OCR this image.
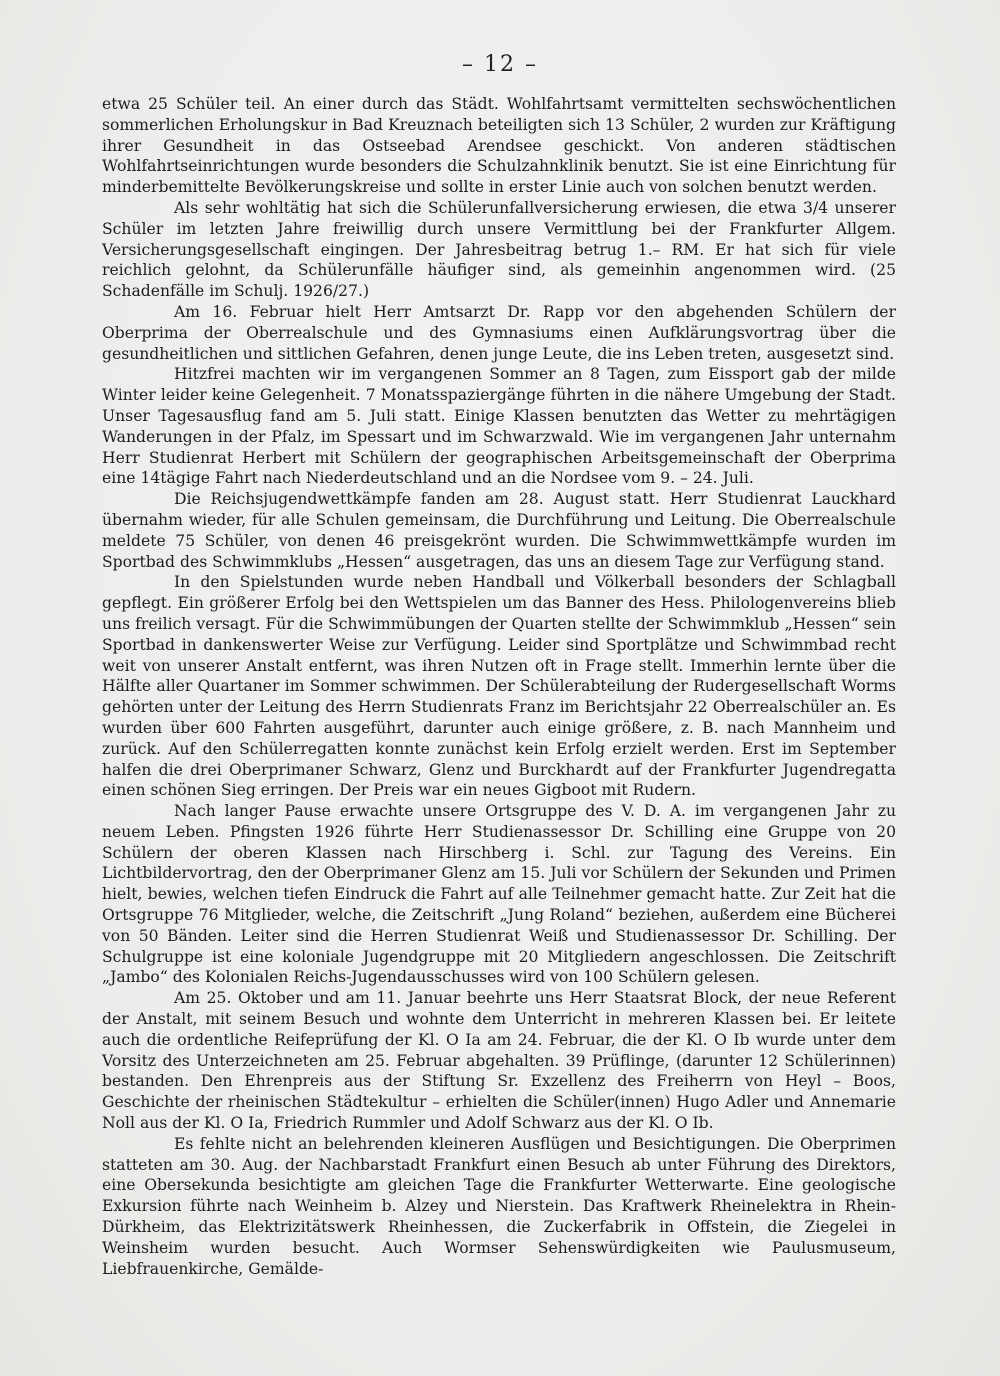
– 12 –

etwa 25 Schüler teil. An einer durch das Städt. Wohlfahrtsamt vermittelten sechswöchentlichen sommerlichen Erholungskur in Bad Kreuznach beteiligten sich 13 Schüler, 2 wurden zur Kräftigung ihrer Gesundheit in das Ostseebad Arendsee geschickt. Von anderen städtischen Wohlfahrtseinrichtungen wurde besonders die Schulzahnklinik benutzt. Sie ist eine Einrichtung für minderbemittelte Bevölkerungskreise und sollte in erster Linie auch von solchen benutzt werden.

Als sehr wohltätig hat sich die Schülerunfallversicherung erwiesen, die etwa 3/4 unserer Schüler im letzten Jahre freiwillig durch unsere Vermittlung bei der Frankfurter Allgem. Versicherungsgesellschaft eingingen. Der Jahresbeitrag betrug 1.– RM. Er hat sich für viele reichlich gelohnt, da Schülerunfälle häufiger sind, als gemeinhin angenommen wird. (25 Schadenfälle im Schulj. 1926/27.)

Am 16. Februar hielt Herr Amtsarzt Dr. Rapp vor den abgehenden Schülern der Oberprima der Oberrealschule und des Gymnasiums einen Aufklärungsvortrag über die gesundheitlichen und sittlichen Gefahren, denen junge Leute, die ins Leben treten, ausgesetzt sind.

Hitzfrei machten wir im vergangenen Sommer an 8 Tagen, zum Eissport gab der milde Winter leider keine Gelegenheit. 7 Monatsspaziergänge führten in die nähere Umgebung der Stadt. Unser Tagesausflug fand am 5. Juli statt. Einige Klassen benutzten das Wetter zu mehrtägigen Wanderungen in der Pfalz, im Spessart und im Schwarzwald. Wie im vergangenen Jahr unternahm Herr Studienrat Herbert mit Schülern der geographischen Arbeitsgemeinschaft der Oberprima eine 14tägige Fahrt nach Niederdeutschland und an die Nordsee vom 9. – 24. Juli.

Die Reichsjugendwettkämpfe fanden am 28. August statt. Herr Studienrat Lauckhard übernahm wieder, für alle Schulen gemeinsam, die Durchführung und Leitung. Die Oberrealschule meldete 75 Schüler, von denen 46 preisgekrönt wurden. Die Schwimmwettkämpfe wurden im Sportbad des Schwimmklubs „Hessen“ ausgetragen, das uns an diesem Tage zur Verfügung stand.

In den Spielstunden wurde neben Handball und Völkerball besonders der Schlagball gepflegt. Ein größerer Erfolg bei den Wettspielen um das Banner des Hess. Philologenvereins blieb uns freilich versagt. Für die Schwimmübungen der Quarten stellte der Schwimmklub „Hessen“ sein Sportbad in dankenswerter Weise zur Verfügung. Leider sind Sportplätze und Schwimmbad recht weit von unserer Anstalt entfernt, was ihren Nutzen oft in Frage stellt. Immerhin lernte über die Hälfte aller Quartaner im Sommer schwimmen. Der Schülerabteilung der Rudergesellschaft Worms gehörten unter der Leitung des Herrn Studienrats Franz im Berichtsjahr 22 Oberrealschüler an. Es wurden über 600 Fahrten ausgeführt, darunter auch einige größere, z. B. nach Mannheim und zurück. Auf den Schülerregatten konnte zunächst kein Erfolg erzielt werden. Erst im September halfen die drei Oberprimaner Schwarz, Glenz und Burckhardt auf der Frankfurter Jugendregatta einen schönen Sieg erringen. Der Preis war ein neues Gigboot mit Rudern.

Nach langer Pause erwachte unsere Ortsgruppe des V. D. A. im vergangenen Jahr zu neuem Leben. Pfingsten 1926 führte Herr Studienassessor Dr. Schilling eine Gruppe von 20 Schülern der oberen Klassen nach Hirschberg i. Schl. zur Tagung des Vereins. Ein Lichtbildervortrag, den der Oberprimaner Glenz am 15. Juli vor Schülern der Sekunden und Primen hielt, bewies, welchen tiefen Eindruck die Fahrt auf alle Teilnehmer gemacht hatte. Zur Zeit hat die Ortsgruppe 76 Mitglieder, welche, die Zeitschrift „Jung Roland“ beziehen, außerdem eine Bücherei von 50 Bänden. Leiter sind die Herren Studienrat Weiß und Studienassessor Dr. Schilling. Der Schulgruppe ist eine koloniale Jugendgruppe mit 20 Mitgliedern angeschlossen. Die Zeitschrift „Jambo“ des Kolonialen Reichs-Jugendausschusses wird von 100 Schülern gelesen.

Am 25. Oktober und am 11. Januar beehrte uns Herr Staatsrat Block, der neue Referent der Anstalt, mit seinem Besuch und wohnte dem Unterricht in mehreren Klassen bei. Er leitete auch die ordentliche Reifeprüfung der Kl. O Ia am 24. Februar, die der Kl. O Ib wurde unter dem Vorsitz des Unterzeichneten am 25. Februar abgehalten. 39 Prüflinge, (darunter 12 Schülerinnen) bestanden. Den Ehrenpreis aus der Stiftung Sr. Exzellenz des Freiherrn von Heyl – Boos, Geschichte der rheinischen Städtekultur – erhielten die Schüler(innen) Hugo Adler und Annemarie Noll aus der Kl. O Ia, Friedrich Rummler und Adolf Schwarz aus der Kl. O Ib.

Es fehlte nicht an belehrenden kleineren Ausflügen und Besichtigungen. Die Oberprimen statteten am 30. Aug. der Nachbarstadt Frankfurt einen Besuch ab unter Führung des Direktors, eine Obersekunda besichtigte am gleichen Tage die Frankfurter Wetterwarte. Eine geologische Exkursion führte nach Weinheim b. Alzey und Nierstein. Das Kraftwerk Rheinelektra in Rhein-Dürkheim, das Elektrizitätswerk Rheinhessen, die Zuckerfabrik in Offstein, die Ziegelei in Weinsheim wurden besucht. Auch Wormser Sehenswürdigkeiten wie Paulusmuseum, Liebfrauenkirche, Gemälde-
